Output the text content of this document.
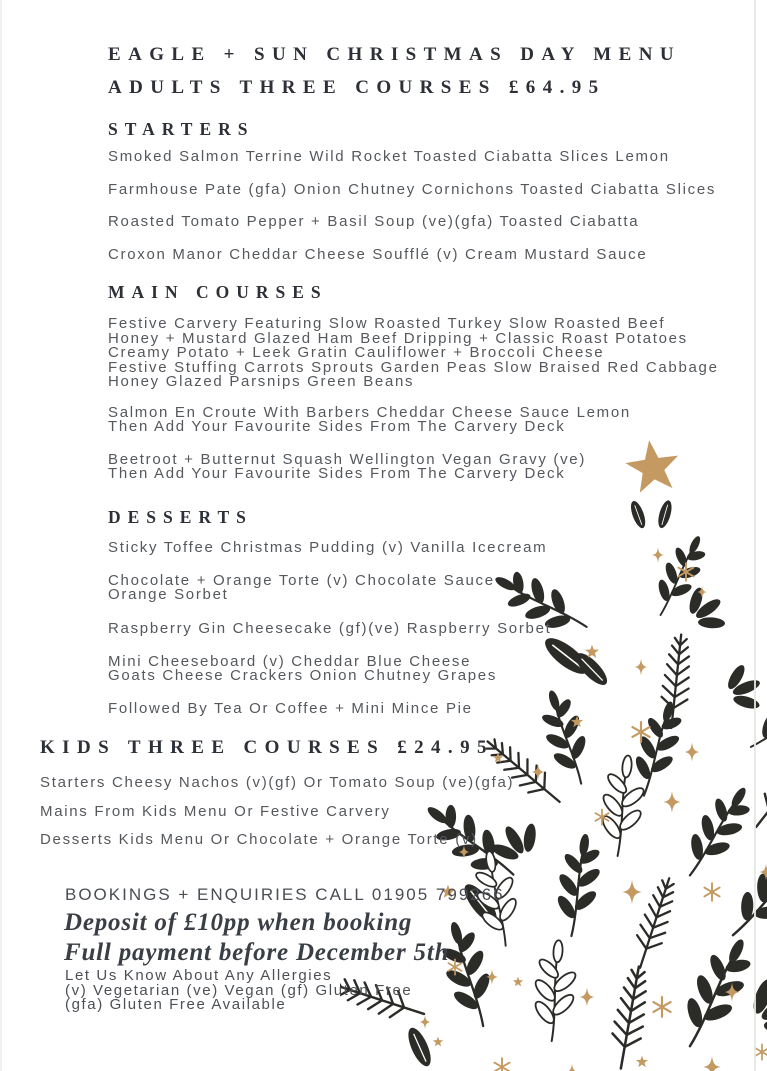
EAGLE + SUN CHRISTMAS DAY MENU
ADULTS THREE COURSES £64.95
STARTERS
Smoked Salmon Terrine Wild Rocket Toasted Ciabatta Slices Lemon
Farmhouse Pate (gfa) Onion Chutney Cornichons Toasted Ciabatta Slices
Roasted Tomato Pepper + Basil Soup (ve)(gfa) Toasted Ciabatta
Croxon Manor Cheddar Cheese Soufflé (v) Cream Mustard Sauce
MAIN COURSES
Festive Carvery Featuring Slow Roasted Turkey Slow Roasted Beef
Honey + Mustard Glazed Ham Beef Dripping + Classic Roast Potatoes
Creamy Potato + Leek Gratin Cauliflower + Broccoli Cheese
Festive Stuffing Carrots Sprouts Garden Peas Slow Braised Red Cabbage
Honey Glazed Parsnips Green Beans
Salmon En Croute With Barbers Cheddar Cheese Sauce Lemon
Then Add Your Favourite Sides From The Carvery Deck
Beetroot + Butternut Squash Wellington Vegan Gravy (ve)
Then Add Your Favourite Sides From The Carvery Deck
DESSERTS
Sticky Toffee Christmas Pudding (v) Vanilla Icecream
Chocolate + Orange Torte (v) Chocolate Sauce
Orange Sorbet
Raspberry Gin Cheesecake (gf)(ve) Raspberry Sorbet
Mini Cheeseboard (v) Cheddar Blue Cheese
Goats Cheese Crackers Onion Chutney Grapes
Followed By Tea Or Coffee + Mini Mince Pie
KIDS THREE COURSES £24.95
Starters Cheesy Nachos (v)(gf) Or Tomato Soup (ve)(gfa)
Mains From Kids Menu Or Festive Carvery
Desserts Kids Menu Or Chocolate + Orange Torte (v)
BOOKINGS + ENQUIRIES CALL 01905 799266
Deposit of £10pp when booking
Full payment before December 5th
Let Us Know About Any Allergies
(v) Vegetarian (ve) Vegan (gf) Gluten Free
(gfa) Gluten Free Available
